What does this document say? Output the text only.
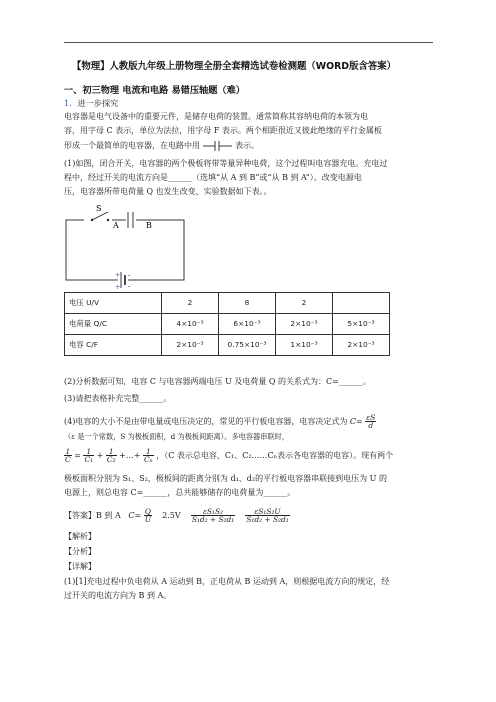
【物理】人教版九年级上册物理全册全套精选试卷检测题（WORD版含答案）
一、初三物理 电流和电路 易错压轴题（难）
1．进一步探究
电容器是电气设备中的重要元件，是储存电荷的装置。通常简称其容纳电荷的本领为电
容，用字母 C 表示，单位为法拉，用字母 F 表示。两个相距很近又彼此绝缘的平行金属板
形成一个最简单的电容器，在电路中用	表示。
(1)如图，闭合开关，电容器的两个极板将带等量异种电荷，这个过程叫电容器充电。充电过
程中，经过开关的电流方向是______（选填“从 A 到 B”或“从 B 到 A”）。改变电源电
压，电容器所带电荷量 Q 也发生改变，实验数据如下表。。
S
A	B
+ -
+ -
电压 U/V	2	8	2	
电荷量 Q/C	4×10⁻³	6×10⁻³	2×10⁻³	5×10⁻³
电容 C/F	2×10⁻³	0.75×10⁻³	1×10⁻³	2×10⁻³
(2)分析数据可知，电容 C 与电容器两端电压 U 及电荷量 Q 的关系式为：C=______。
(3)请把表格补充完整______。
(4)电容的大小不是由带电量或电压决定的，常见的平行板电容器，电容决定式为 $C= \frac{\varepsilon S}{d}$
（ε 是一个常数，S 为极板面积，d 为极板间距离）。多电容器串联时，
$\frac{1}{C} = \frac{1}{\text{C₁}} + \frac{1}{\text{C₂}}$ +…+ $\frac{1}{\text{Cₙ}}$ ，（C 表示总电容，C₁、C₂……Cₙ表示各电容器的电容）。现有两个
极板面积分别为 S₁、S₂，极板间的距离分别为 d₁、d₂的平行板电容器串联接到电压为 U 的
电源上，则总电容 C=______，总共能够储存的电荷量为______。
【答案】B 到 A $C= \frac{Q}{U} 2.5V \frac{\text{εS₁S₂}}{\text{S₁d₂ + S₂d₁}}$
$\frac{\text{εS₁S₂U}}{\text{S₁d₂ + S₂d₁}}$
【解析】
【分析】
【详解】
(1)[1]充电过程中负电荷从 A 运动到 B，正电荷从 B 运动到 A，则根据电流方向的规定，经
过开关的电流方向为 B 到 A。
